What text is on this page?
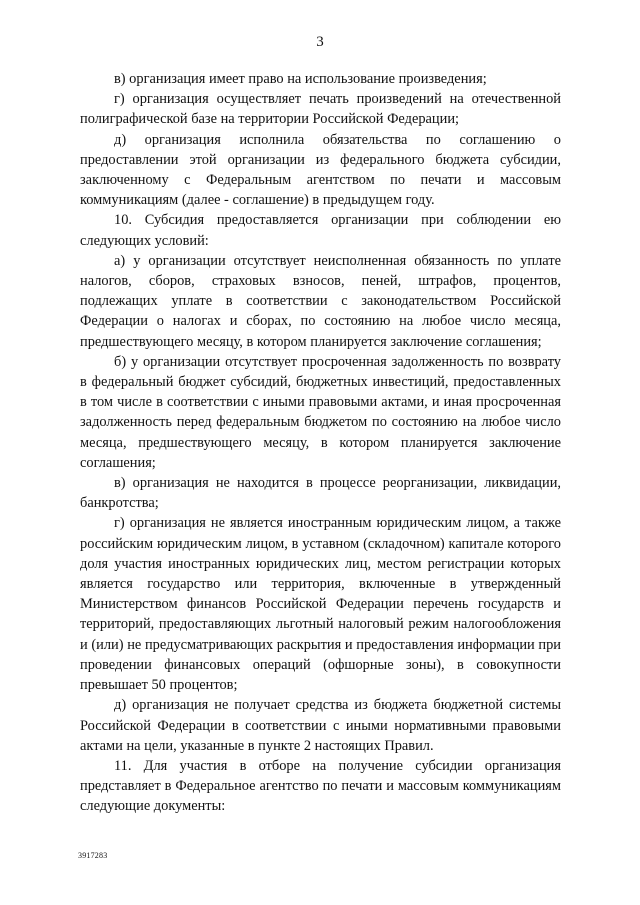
3

в) организация имеет право на использование произведения;

г) организация осуществляет печать произведений на отечественной полиграфической базе на территории Российской Федерации;

д) организация исполнила обязательства по соглашению о предоставлении этой организации из федерального бюджета субсидии, заключенному с Федеральным агентством по печати и массовым коммуникациям (далее - соглашение) в предыдущем году.

10. Субсидия предоставляется организации при соблюдении ею следующих условий:

а) у организации отсутствует неисполненная обязанность по уплате налогов, сборов, страховых взносов, пеней, штрафов, процентов, подлежащих уплате в соответствии с законодательством Российской Федерации о налогах и сборах, по состоянию на любое число месяца, предшествующего месяцу, в котором планируется заключение соглашения;

б) у организации отсутствует просроченная задолженность по возврату в федеральный бюджет субсидий, бюджетных инвестиций, предоставленных в том числе в соответствии с иными правовыми актами, и иная просроченная задолженность перед федеральным бюджетом по состоянию на любое число месяца, предшествующего месяцу, в котором планируется заключение соглашения;

в) организация не находится в процессе реорганизации, ликвидации, банкротства;

г) организация не является иностранным юридическим лицом, а также российским юридическим лицом, в уставном (складочном) капитале которого доля участия иностранных юридических лиц, местом регистрации которых является государство или территория, включенные в утвержденный Министерством финансов Российской Федерации перечень государств и территорий, предоставляющих льготный налоговый режим налогообложения и (или) не предусматривающих раскрытия и предоставления информации при проведении финансовых операций (офшорные зоны), в совокупности превышает 50 процентов;

д) организация не получает средства из бюджета бюджетной системы Российской Федерации в соответствии с иными нормативными правовыми актами на цели, указанные в пункте 2 настоящих Правил.

11. Для участия в отборе на получение субсидии организация представляет в Федеральное агентство по печати и массовым коммуникациям следующие документы:

3917283
